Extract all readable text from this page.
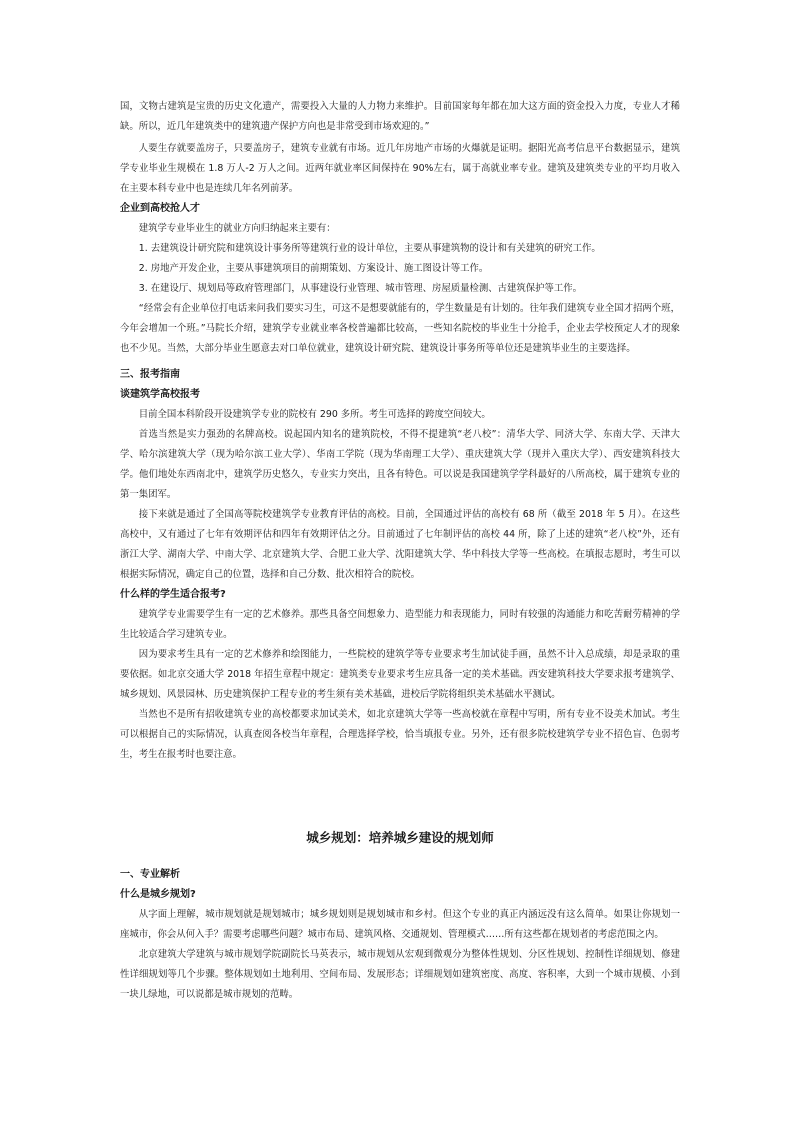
国，文物古建筑是宝贵的历史文化遗产，需要投入大量的人力物力来维护。目前国家每年都在加大这方面的资金投入力度，专业人才稀缺。所以，近几年建筑类中的建筑遗产保护方向也是非常受到市场欢迎的。”

人要生存就要盖房子，只要盖房子，建筑专业就有市场。近几年房地产市场的火爆就是证明。据阳光高考信息平台数据显示，建筑学专业毕业生规模在 1.8 万人-2 万人之间。近两年就业率区间保持在 90%左右，属于高就业率专业。建筑及建筑类专业的平均月收入在主要本科专业中也是连续几年名列前茅。

企业到高校抢人才

建筑学专业毕业生的就业方向归纳起来主要有：

1. 去建筑设计研究院和建筑设计事务所等建筑行业的设计单位，主要从事建筑物的设计和有关建筑的研究工作。

2. 房地产开发企业，主要从事建筑项目的前期策划、方案设计、施工图设计等工作。

3. 在建设厅、规划局等政府管理部门，从事建设行业管理、城市管理、房屋质量检测、古建筑保护等工作。

“经常会有企业单位打电话来问我们要实习生，可这不是想要就能有的，学生数量是有计划的。往年我们建筑专业全国才招两个班，今年会增加一个班。”马院长介绍，建筑学专业就业率各校普遍都比较高，一些知名院校的毕业生十分抢手，企业去学校预定人才的现象也不少见。当然，大部分毕业生愿意去对口单位就业，建筑设计研究院、建筑设计事务所等单位还是建筑毕业生的主要选择。

三、报考指南
谈建筑学高校报考

目前全国本科阶段开设建筑学专业的院校有 290 多所。考生可选择的跨度空间较大。

首选当然是实力强劲的名牌高校。说起国内知名的建筑院校，不得不提建筑“老八校”：清华大学、同济大学、东南大学、天津大学、哈尔滨建筑大学（现为哈尔滨工业大学）、华南工学院（现为华南理工大学）、重庆建筑大学（现并入重庆大学）、西安建筑科技大学。他们地处东西南北中，建筑学历史悠久，专业实力突出，且各有特色。可以说是我国建筑学学科最好的八所高校，属于建筑专业的第一集团军。

接下来就是通过了全国高等院校建筑学专业教育评估的高校。目前，全国通过评估的高校有 68 所（截至 2018 年 5 月）。在这些高校中，又有通过了七年有效期评估和四年有效期评估之分。目前通过了七年制评估的高校 44 所，除了上述的建筑“老八校”外，还有浙江大学、湖南大学、中南大学、北京建筑大学、合肥工业大学、沈阳建筑大学、华中科技大学等一些高校。在填报志愿时，考生可以根据实际情况，确定自己的位置，选择和自己分数、批次相符合的院校。

什么样的学生适合报考?

建筑学专业需要学生有一定的艺术修养。那些具备空间想象力、造型能力和表现能力，同时有较强的沟通能力和吃苦耐劳精神的学生比较适合学习建筑专业。

因为要求考生具有一定的艺术修养和绘图能力，一些院校的建筑学等专业要求考生加试徒手画，虽然不计入总成绩，却是录取的重要依据。如北京交通大学 2018 年招生章程中规定：建筑类专业要求考生应具备一定的美术基础。西安建筑科技大学要求报考建筑学、城乡规划、风景园林、历史建筑保护工程专业的考生须有美术基础，进校后学院将组织美术基础水平测试。

当然也不是所有招收建筑专业的高校都要求加试美术，如北京建筑大学等一些高校就在章程中写明，所有专业不设美术加试。考生可以根据自己的实际情况，认真查阅各校当年章程，合理选择学校，恰当填报专业。另外，还有很多院校建筑学专业不招色盲、色弱考生，考生在报考时也要注意。

城乡规划：培养城乡建设的规划师
一、专业解析
什么是城乡规划?

从字面上理解，城市规划就是规划城市；城乡规划则是规划城市和乡村。但这个专业的真正内涵远没有这么简单。如果让你规划一座城市，你会从何入手？需要考虑哪些问题？城市布局、建筑风格、交通规划、管理模式……所有这些都在规划者的考虑范围之内。

北京建筑大学建筑与城市规划学院副院长马英表示，城市规划从宏观到微观分为整体性规划、分区性规划、控制性详细规划、修建性详细规划等几个步骤。整体规划如土地利用、空间布局、发展形态；详细规划如建筑密度、高度、容积率，大到一个城市规模、小到一块儿绿地，可以说都是城市规划的范畴。
